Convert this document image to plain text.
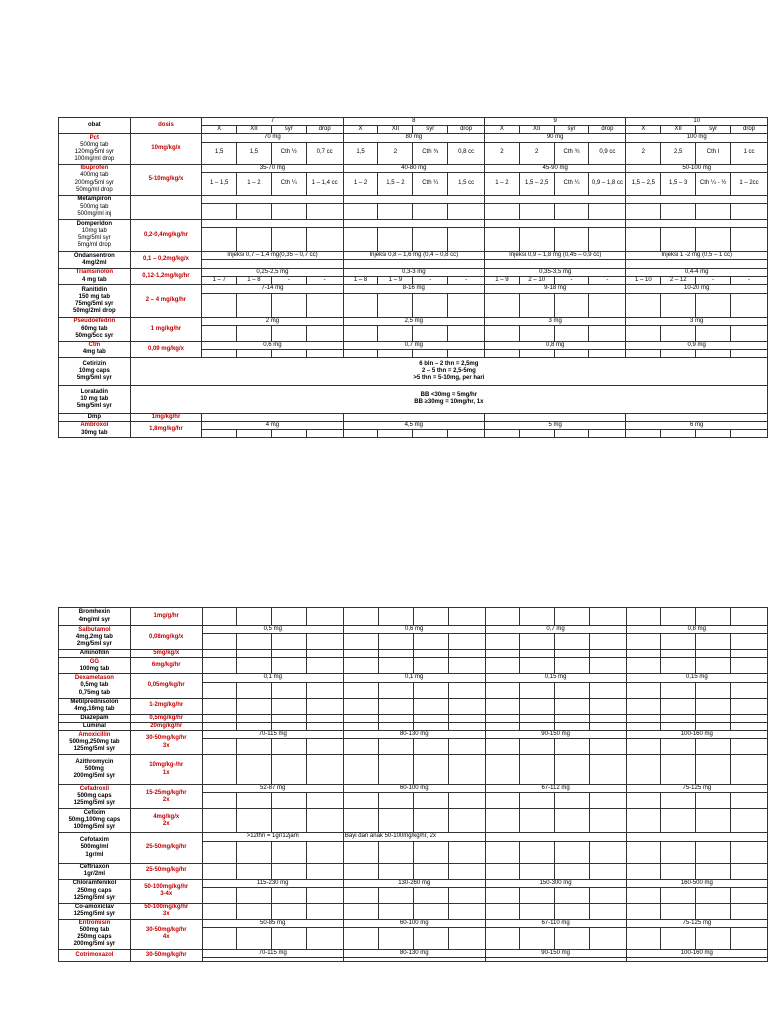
obat	dosis	7				8				9				10			
		X	XII	syr	drop	X	XII	syr	drop	X	XII	syr	drop	X	XII	syr	drop

Pct
500mg tab
120mg/5ml syr
100mg/ml drop	10mg/kg/x	70 mg				80 mg				90 mg				100 mg			
		1,5	1,5	Cth ½	0,7 cc	1,5	2	Cth ¾	0,8 cc	2	2	Cth ¾	0,9 cc	2	2,5	Cth I	1 cc

Ibuprofen
400mg tab
200mg/5ml syr
50mg/ml drop	5-10mg/kg/x	35-70 mg				40-80 mg				45-90 mg				50-100 mg			
		1 – 1,5	1 – 2	Cth ¼	1 – 1,4 cc	1 – 2	1,5 – 2	Cth ¼	1,5 cc	1 – 2	1,5 – 2,5	Cth ¼	0,9 – 1,8 cc	1,5 – 2,5	1,5 – 3	Cth ¼ - ½	1 – 2cc

Metampiron
500mg tab
500mg/ml inj																	

Domperidon
10mg tab
5mg/5ml syr
5mg/ml drop	0,2-0,4mg/kg/hr																

Ondansentron
4mg/2ml	0,1 – 0,2mg/kg/x	Injeksi 0,7 – 1,4 mg(0,35 – 0,7 cc)				Injeksi 0,8 – 1,6 mg (0,4 – 0,8 cc)				Injeksi 0,9 – 1,8 mg (0,45 – 0,9 cc)				Injeksi 1 -2 mg (0,5 – 1 cc)			

Triamsinolon
4 mg tab	0,12-1,2mg/kg/hr	0,25-2,5 mg				0,3-3 mg				0,35-3,5 mg				0,4-4 mg			
		1 – 7	1 – 8	-	-	1 – 8	1 – 9	-	-	1 – 9	2 – 10	-	-	1 – 10	2 – 12	-	-

Ranitidin
150 mg tab
75mg/5ml syr
50mg/2ml drop	2 – 4 mg/kg/hr	7-14 mg				8-16 mg				9-18 mg				10-20 mg			

Pseudoefedrin
60mg tab
50mg/5cc syr	1 mg/kg/hr	2 mg				2,5 mg				3 mg				3 mg			

Ctm
4mg tab	0,09 mg/kg/x	0,6 mg				0,7 mg				0,8 mg				0,9 mg			

Cetirizin
10mg caps
5mg/5ml syr	6 bln – 2 thn = 2,5mg
2 – 5 thn = 2,5-5mg
>5 thn = 5-10mg, per hari																

Loratadin
10 mg tab
5mg/5ml syr	BB <30mg = 5mg/hr
BB ≥30mg = 10mg/hr, 1x																

Dmp	1mg/kg/hr																

Ambroxol
30mg tab	1,8mg/kg/hr	4 mg				4,5 mg				5 mg				6 mg			

Bromhexin
4mg/ml syr	1mg/g/hr																

Salbutamol
4mg,2mg tab
2mg/5ml syr	0,08mg/kg/x	0,5 mg				0,6 mg				0,7 mg				0,8 mg			

Aminofilin	5mg/kg/x																

GG
100mg tab	6mg/kg/hr																

Dexametason
0,5mg tab
0,75mg tab	0,05mg/kg/hr	0,1 mg				0,1 mg				0,15 mg				0,15 mg			

Metilprednisolon
4mg,16mg tab	1-2mg/kg/hr																

Diazepam	0,5mg/kg/hr																

Luminal	20mg/kg/hr																

Amoxicillin
500mg,250mg tab
125mg/5ml syr	30-50mg/kg/hr
3x	70-115 mg				80-130 mg				90-150 mg				100-160 mg			

Azithromycin
500mg
200mg/5ml syr	10mg/kg-/hr
1x																

Cefadroxil
500mg caps
125mg/5ml syr	15-25mg/kg/hr
2x	52-87 mg				60-100 mg				67-112 mg				75-125 mg			

Cefixim
50mg,100mg caps
100mg/5ml syr	4mg/kg/x
2x																

Cefotaxim
500mg/ml
1gr/ml	25-50mg/kg/hr	>12thn = 1gr/12jam				Bayi dan anak 50-100mg/kg/hr, 2x											

Ceftriaxon
1gr/2ml	25-50mg/kg/hr																

Chloramfenikol
250mg caps
125mg/5ml syr	50-100mg/kg/hr
3-4x	115-230 mg				130-260 mg				150-300 mg				160-500 mg			

Co-amoxiclav
125mg/5ml syr	50-100mg/kg/hr
3x																

Eritromisin
500mg tab
250mg caps
200mg/5ml syr	30-50mg/kg/hr
4x	50-85 mg				60-100 mg				67-110 mg				75-125 mg			

Cotrimoxazol	30-50mg/kg/hr	70-115 mg				80-130 mg				90-150 mg				100-160 mg			
